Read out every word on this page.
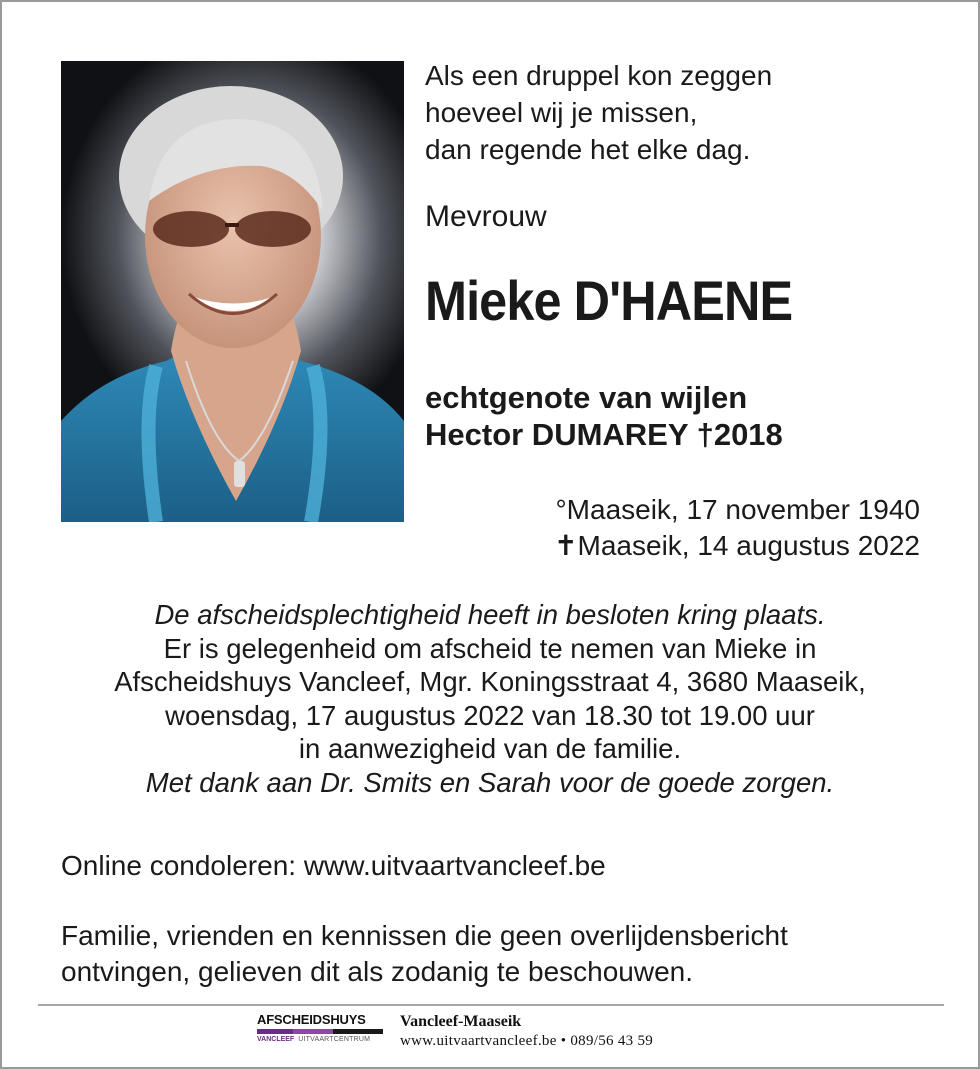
Als een druppel kon zeggen
hoeveel wij je missen,
dan regende het elke dag.
Mevrouw
Mieke D'HAENE
echtgenote van wijlen
Hector DUMAREY †2018
°Maaseik, 17 november 1940
✝Maaseik, 14 augustus 2022
De afscheidsplechtigheid heeft in besloten kring plaats.
Er is gelegenheid om afscheid te nemen van Mieke in
Afscheidshuys Vancleef, Mgr. Koningsstraat 4, 3680 Maaseik,
woensdag, 17 augustus 2022 van 18.30 tot 19.00 uur
in aanwezigheid van de familie.
Met dank aan Dr. Smits en Sarah voor de goede zorgen.
Online condoleren: www.uitvaartvancleef.be
Familie, vrienden en kennissen die geen overlijdensbericht
ontvingen, gelieven dit als zodanig te beschouwen.
AFSCHEIDSHUYS
VANCLEEF UITVAARTCENTRUM
Vancleef-Maaseik
www.uitvaartvancleef.be • 089/56 43 59
